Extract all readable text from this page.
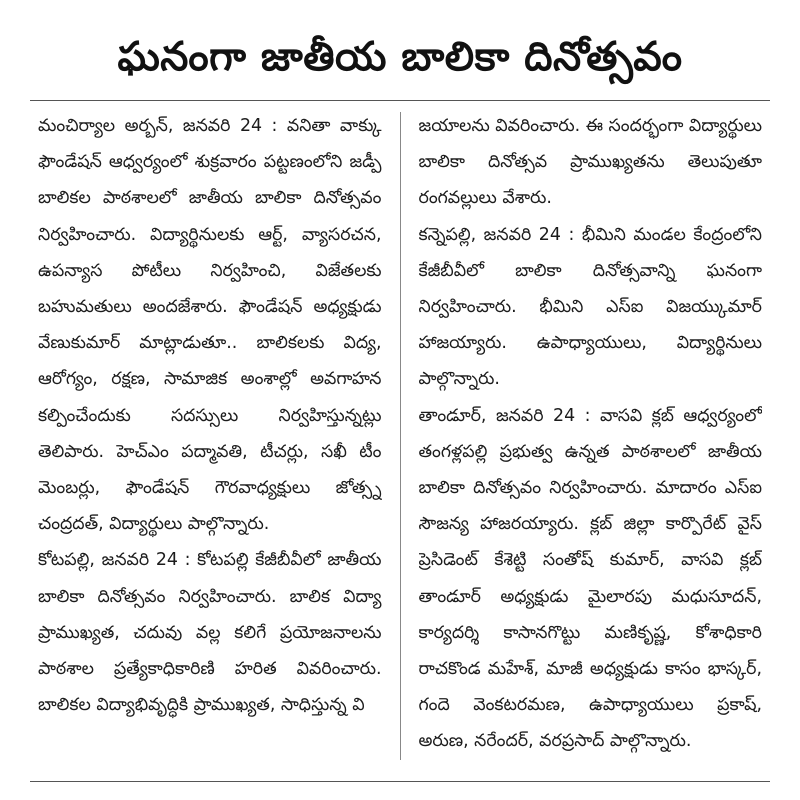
ఘనంగా జాతీయ బాలికా దినోత్సవం

మంచిర్యాల అర్బన్, జనవరి 24 : వనితా వాక్కు ఫౌండేషన్ ఆధ్వర్యంలో శుక్రవారం పట్టణంలోని జడ్పీ బాలికల పాఠశాలలో జాతీయ బాలికా దినోత్సవం నిర్వహించారు. విద్యార్థినులకు ఆర్ట్, వ్యాసరచన, ఉపన్యాస పోటీలు నిర్వహించి, విజేతలకు బహుమతులు అందజేశారు. ఫౌండేషన్ అధ్యక్షుడు వేణుకుమార్ మాట్లాడుతూ.. బాలికలకు విద్య, ఆరోగ్యం, రక్షణ, సామాజిక అంశాల్లో అవగాహన కల్పించేందుకు సదస్సులు నిర్వహిస్తున్నట్లు తెలిపారు. హెచ్ఎం పద్మావతి, టీచర్లు, సఖీ టీం మెంబర్లు, ఫౌండేషన్ గౌరవాధ్యక్షులు జోత్స్న చంద్రదత్, విద్యార్థులు పాల్గొన్నారు.

కోటపల్లి, జనవరి 24 : కోటపల్లి కేజీబీవీలో జాతీయ బాలికా దినోత్సవం నిర్వహించారు. బాలిక విద్యా ప్రాముఖ్యత, చదువు వల్ల కలిగే ప్రయోజనాలను పాఠశాల ప్రత్యేకాధికారిణి హరిత వివరించారు. బాలికల విద్యాభివృద్ధికి ప్రాముఖ్యత, సాధిస్తున్న వి

జయాలను వివరించారు. ఈ సందర్భంగా విద్యార్థులు బాలికా దినోత్సవ ప్రాముఖ్యతను తెలుపుతూ రంగవల్లులు వేశారు.

కన్నెపల్లి, జనవరి 24 : భీమిని మండల కేంద్రంలోని కేజీబీవీలో బాలికా దినోత్సవాన్ని ఘనంగా నిర్వహించారు. భీమిని ఎస్ఐ విజయ్కుమార్ హాజయ్యారు. ఉపాధ్యాయులు, విద్యార్థినులు పాల్గొన్నారు.

తాండూర్, జనవరి 24 : వాసవి క్లబ్ ఆధ్వర్యంలో తంగళ్లపల్లి ప్రభుత్వ ఉన్నత పాఠశాలలో జాతీయ బాలికా దినోత్సవం నిర్వహించారు. మాదారం ఎస్ఐ సౌజన్య హాజరయ్యారు. క్లబ్ జిల్లా కార్పొరేట్ వైస్ ప్రెసిడెంట్ కేశెట్టి సంతోష్ కుమార్, వాసవి క్లబ్ తాండూర్ అధ్యక్షుడు మైలారపు మధుసూదన్, కార్యదర్శి కాసానగొట్టు మణికృష్ణ, కోశాధికారి రాచకొండ మహేశ్, మాజీ అధ్యక్షుడు కాసం భాస్కర్, గందె వెంకటరమణ, ఉపాధ్యాయులు ప్రకాష్, అరుణ, నరేందర్, వరప్రసాద్ పాల్గొన్నారు.
